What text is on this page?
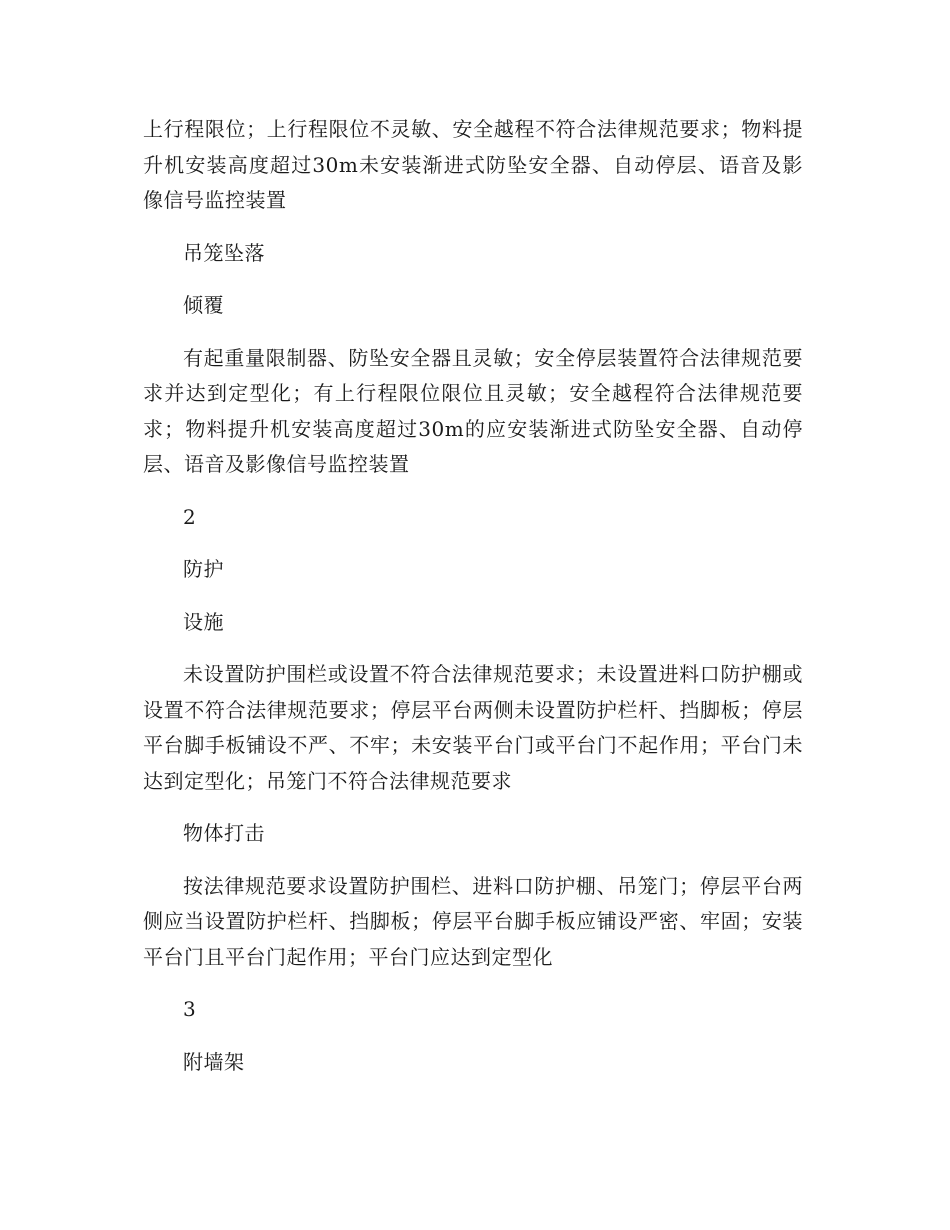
上行程限位；上行程限位不灵敏、安全越程不符合法律规范要求；物料提升机安装高度超过30m未安装渐进式防坠安全器、自动停层、语音及影像信号监控装置

吊笼坠落

倾覆

有起重量限制器、防坠安全器且灵敏；安全停层装置符合法律规范要求并达到定型化；有上行程限位限位且灵敏；安全越程符合法律规范要求；物料提升机安装高度超过30m的应安装渐进式防坠安全器、自动停层、语音及影像信号监控装置

2

防护

设施

未设置防护围栏或设置不符合法律规范要求；未设置进料口防护棚或设置不符合法律规范要求；停层平台两侧未设置防护栏杆、挡脚板；停层平台脚手板铺设不严、不牢；未安装平台门或平台门不起作用；平台门未达到定型化；吊笼门不符合法律规范要求

物体打击

按法律规范要求设置防护围栏、进料口防护棚、吊笼门；停层平台两侧应当设置防护栏杆、挡脚板；停层平台脚手板应铺设严密、牢固；安装平台门且平台门起作用；平台门应达到定型化

3

附墙架
